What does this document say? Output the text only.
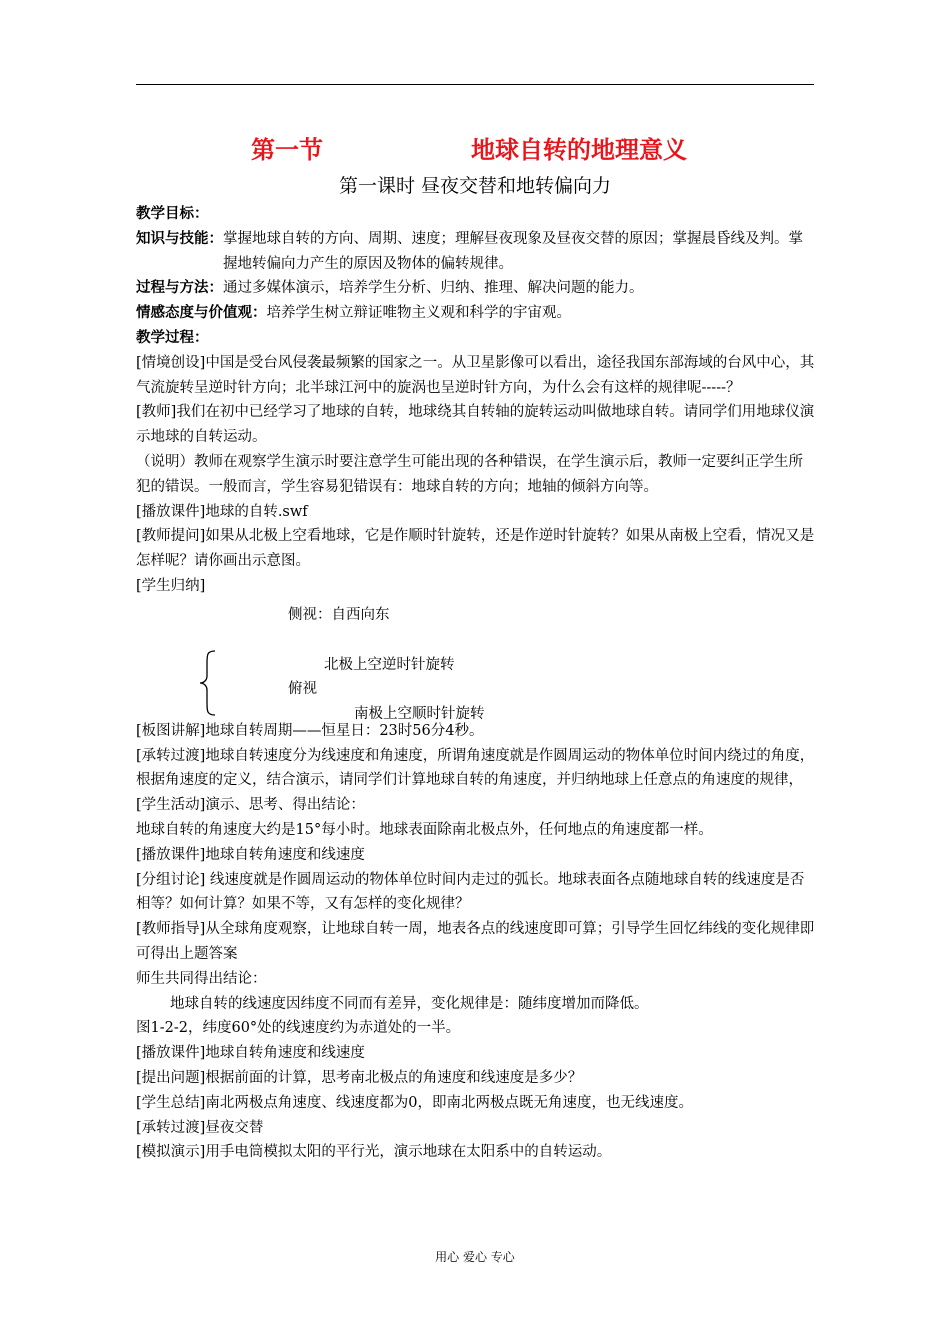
第一节	地球自转的地理意义
第一课时 昼夜交替和地转偏向力

教学目标：

知识与技能： 掌握地球自转的方向、周期、速度；理解昼夜现象及昼夜交替的原因；掌握晨昏线及判。掌握地转偏向力产生的原因及物体的偏转规律。
过程与方法： 通过多媒体演示，培养学生分析、归纳、推理、解决问题的能力。
情感态度与价值观： 培养学生树立辩证唯物主义观和科学的宇宙观。

教学过程：

[情境创设]中国是受台风侵袭最频繁的国家之一。从卫星影像可以看出，途径我国东部海域的台风中心，其气流旋转呈逆时针方向；北半球江河中的旋涡也呈逆时针方向，为什么会有这样的规律呢-----？

[教师]我们在初中已经学习了地球的自转，地球绕其自转轴的旋转运动叫做地球自转。请同学们用地球仪演示地球的自转运动。

（说明）教师在观察学生演示时要注意学生可能出现的各种错误，在学生演示后，教师一定要纠正学生所犯的错误。一般而言，学生容易犯错误有：地球自转的方向；地轴的倾斜方向等。

[播放课件]地球的自转.swf

[教师提问]如果从北极上空看地球，它是作顺时针旋转，还是作逆时针旋转？如果从南极上空看，情况又是怎样呢？请你画出示意图。

[学生归纳]

侧视：自西向东
北极上空逆时针旋转
俯视
南极上空顺时针旋转

[板图讲解]地球自转周期——恒星日：23时56分4秒。

[承转过渡]地球自转速度分为线速度和角速度，所谓角速度就是作圆周运动的物体单位时间内绕过的角度，根据角速度的定义，结合演示，请同学们计算地球自转的角速度，并归纳地球上任意点的角速度的规律，

[学生活动]演示、思考、得出结论：

地球自转的角速度大约是15°每小时。地球表面除南北极点外，任何地点的角速度都一样。

[播放课件]地球自转角速度和线速度

[分组讨论] 线速度就是作圆周运动的物体单位时间内走过的弧长。地球表面各点随地球自转的线速度是否相等？如何计算？如果不等，又有怎样的变化规律？

[教师指导]从全球角度观察，让地球自转一周，地表各点的线速度即可算；引导学生回忆纬线的变化规律即可得出上题答案

师生共同得出结论：

地球自转的线速度因纬度不同而有差异，变化规律是：随纬度增加而降低。

图1-2-2，纬度60°处的线速度约为赤道处的一半。

[播放课件]地球自转角速度和线速度

[提出问题]根据前面的计算，思考南北极点的角速度和线速度是多少？

[学生总结]南北两极点角速度、线速度都为0，即南北两极点既无角速度，也无线速度。

[承转过渡]昼夜交替

[模拟演示]用手电筒模拟太阳的平行光，演示地球在太阳系中的自转运动。

用心 爱心 专心
